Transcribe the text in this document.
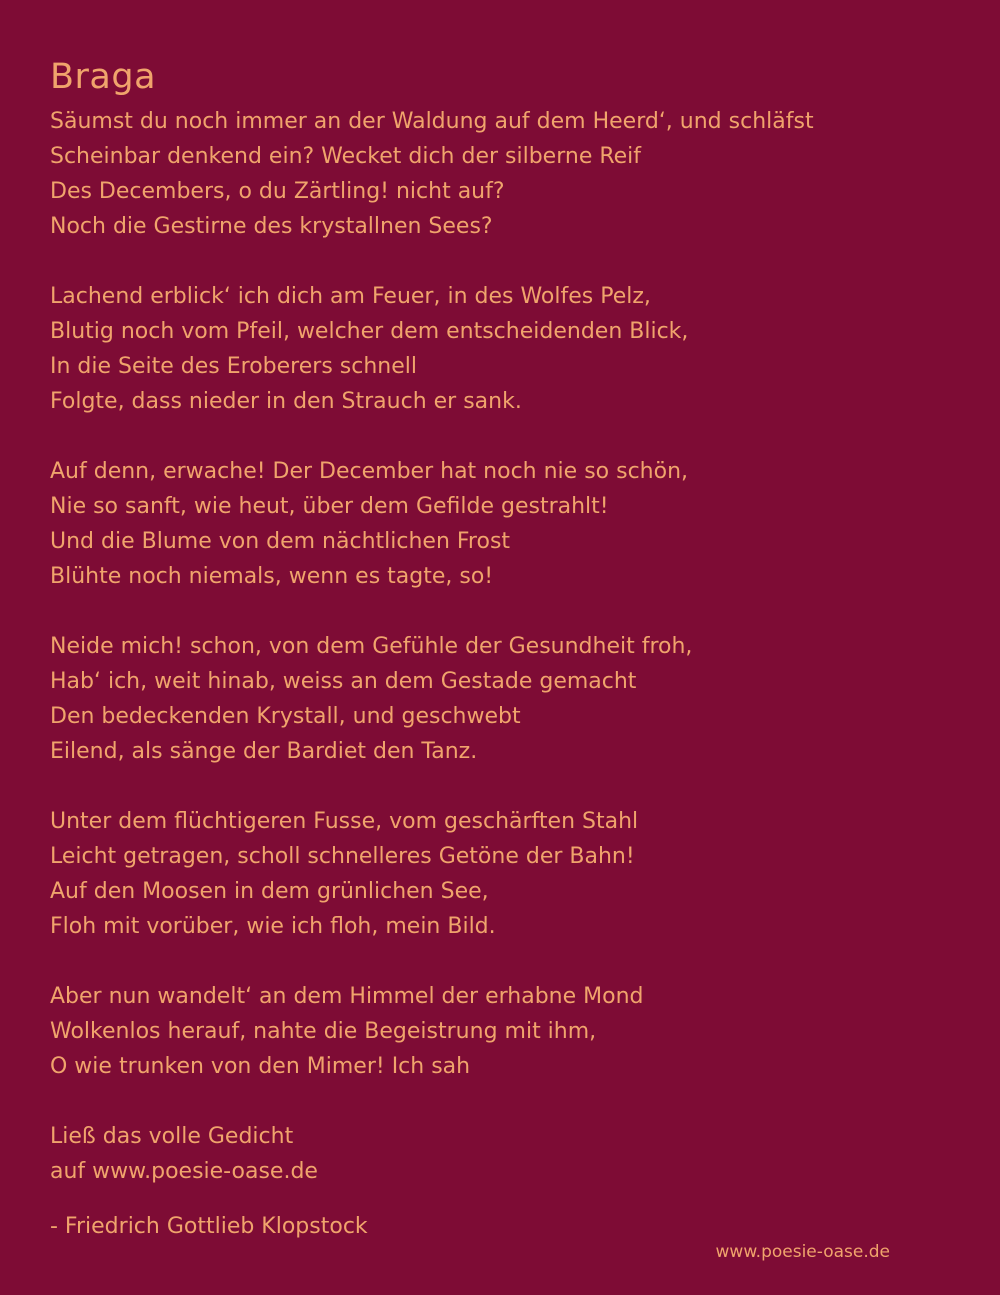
Braga
Säumst du noch immer an der Waldung auf dem Heerd‘, und schläfst
Scheinbar denkend ein? Wecket dich der silberne Reif
Des Decembers, o du Zärtling! nicht auf?
Noch die Gestirne des krystallnen Sees?
Lachend erblick‘ ich dich am Feuer, in des Wolfes Pelz,
Blutig noch vom Pfeil, welcher dem entscheidenden Blick,
In die Seite des Eroberers schnell
Folgte, dass nieder in den Strauch er sank.
Auf denn, erwache! Der December hat noch nie so schön,
Nie so sanft, wie heut, über dem Gefilde gestrahlt!
Und die Blume von dem nächtlichen Frost
Blühte noch niemals, wenn es tagte, so!
Neide mich! schon, von dem Gefühle der Gesundheit froh,
Hab‘ ich, weit hinab, weiss an dem Gestade gemacht
Den bedeckenden Krystall, und geschwebt
Eilend, als sänge der Bardiet den Tanz.
Unter dem flüchtigeren Fusse, vom geschärften Stahl
Leicht getragen, scholl schnelleres Getöne der Bahn!
Auf den Moosen in dem grünlichen See,
Floh mit vorüber, wie ich floh, mein Bild.
Aber nun wandelt‘ an dem Himmel der erhabne Mond
Wolkenlos herauf, nahte die Begeistrung mit ihm,
O wie trunken von den Mimer! Ich sah
Ließ das volle Gedicht
auf www.poesie-oase.de
- Friedrich Gottlieb Klopstock
www.poesie-oase.de
